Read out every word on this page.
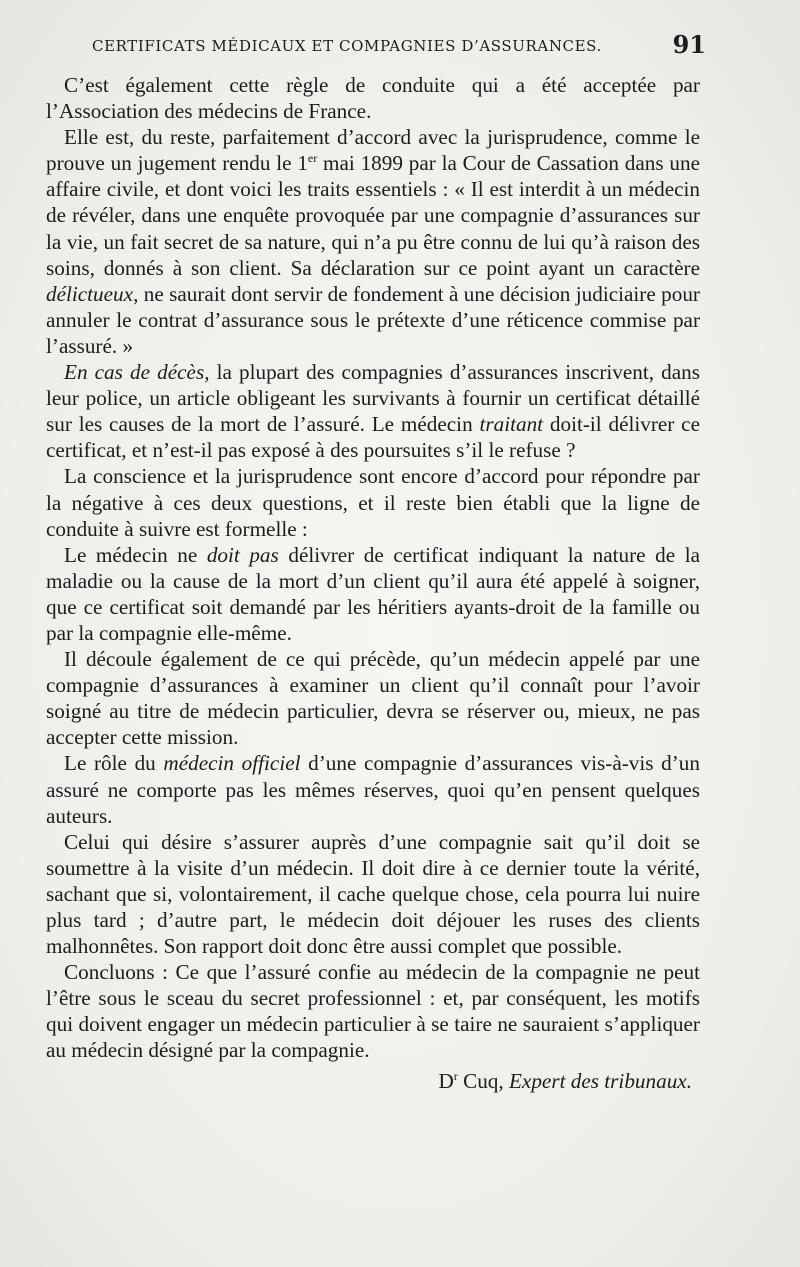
CERTIFICATS MÉDICAUX ET COMPAGNIES D’ASSURANCES.	91

C’est également cette règle de conduite qui a été acceptée par l’Association des médecins de France.

Elle est, du reste, parfaitement d’accord avec la jurisprudence, comme le prouve un jugement rendu le 1er mai 1899 par la Cour de Cassation dans une affaire civile, et dont voici les traits essentiels : « Il est interdit à un médecin de révéler, dans une enquête provoquée par une compagnie d’assurances sur la vie, un fait secret de sa nature, qui n’a pu être connu de lui qu’à raison des soins, donnés à son client. Sa déclaration sur ce point ayant un caractère délictueux, ne saurait dont servir de fondement à une décision judiciaire pour annuler le contrat d’assurance sous le prétexte d’une réticence commise par l’assuré. »

En cas de décès, la plupart des compagnies d’assurances inscrivent, dans leur police, un article obligeant les survivants à fournir un certificat détaillé sur les causes de la mort de l’assuré. Le médecin traitant doit-il délivrer ce certificat, et n’est-il pas exposé à des poursuites s’il le refuse ?

La conscience et la jurisprudence sont encore d’accord pour répondre par la négative à ces deux questions, et il reste bien établi que la ligne de conduite à suivre est formelle :

Le médecin ne doit pas délivrer de certificat indiquant la nature de la maladie ou la cause de la mort d’un client qu’il aura été appelé à soigner, que ce certificat soit demandé par les héritiers ayants-droit de la famille ou par la compagnie elle-même.

Il découle également de ce qui précède, qu’un médecin appelé par une compagnie d’assurances à examiner un client qu’il connaît pour l’avoir soigné au titre de médecin particulier, devra se réserver ou, mieux, ne pas accepter cette mission.

Le rôle du médecin officiel d’une compagnie d’assurances vis-à-vis d’un assuré ne comporte pas les mêmes réserves, quoi qu’en pensent quelques auteurs.

Celui qui désire s’assurer auprès d’une compagnie sait qu’il doit se soumettre à la visite d’un médecin. Il doit dire à ce dernier toute la vérité, sachant que si, volontairement, il cache quelque chose, cela pourra lui nuire plus tard ; d’autre part, le médecin doit déjouer les ruses des clients malhonnêtes. Son rapport doit donc être aussi complet que possible.

Concluons : Ce que l’assuré confie au médecin de la compagnie ne peut l’être sous le sceau du secret professionnel : et, par conséquent, les motifs qui doivent engager un médecin particulier à se taire ne sauraient s’appliquer au médecin désigné par la compagnie.

$D^r$ Cuq, Expert des tribunaux.
